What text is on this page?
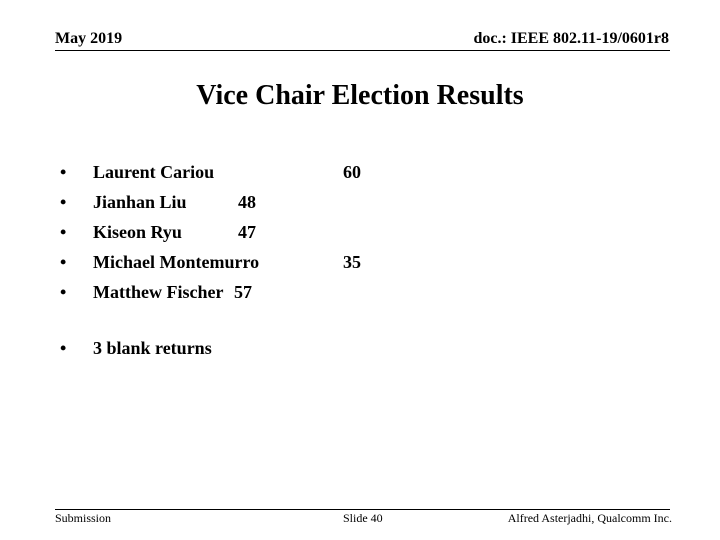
May 2019	doc.: IEEE 802.11-19/0601r8
Vice Chair Election Results
• Laurent Cariou	60
• Jianhan Liu	48
• Kiseon Ryu	47
• Michael Montemurro	35
• Matthew Fischer 57
• 3 blank returns
Submission	Slide 40	Alfred Asterjadhi, Qualcomm Inc.
